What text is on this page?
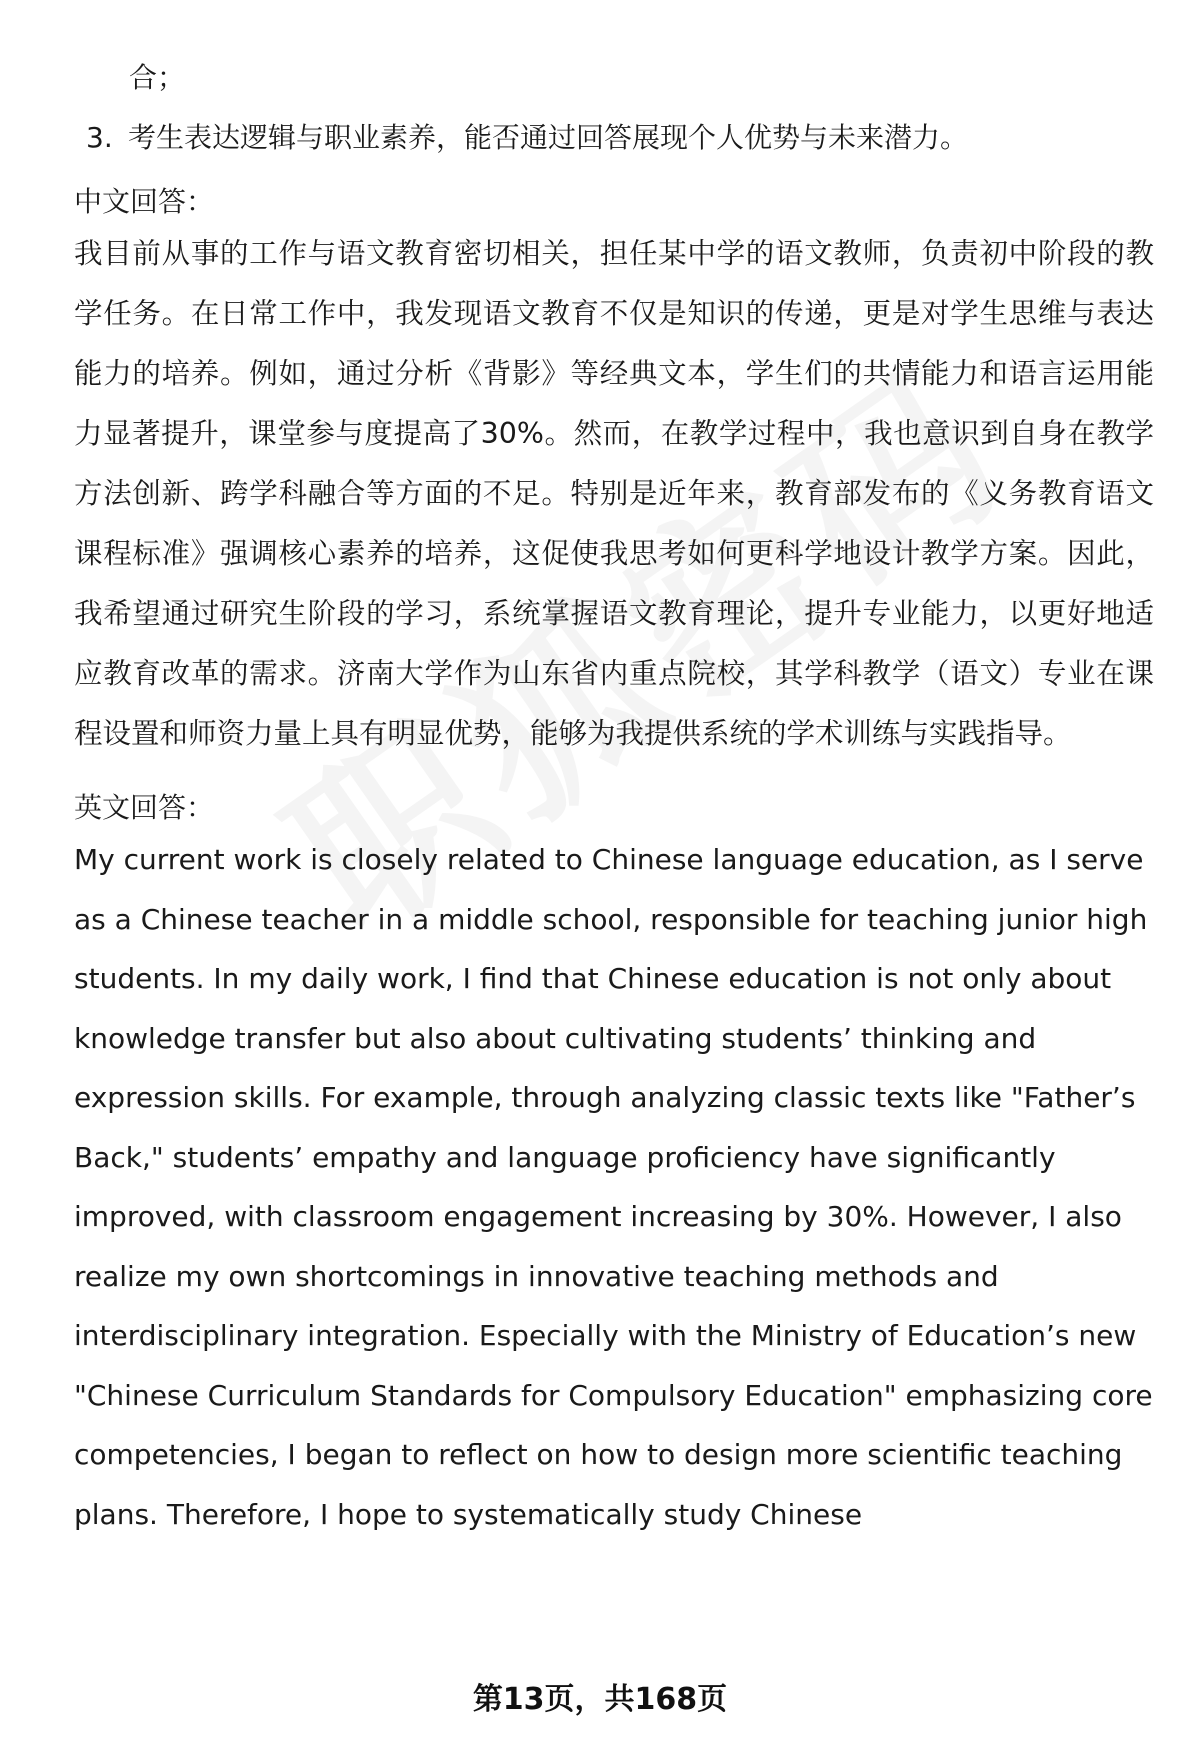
合；

3. 考生表达逻辑与职业素养，能否通过回答展现个人优势与未来潜力。
中文回答：

我目前从事的工作与语文教育密切相关，担任某中学的语文教师，负责初中阶段的教学任务。在日常工作中，我发现语文教育不仅是知识的传递，更是对学生思维与表达能力的培养。例如，通过分析《背影》等经典文本，学生们的共情能力和语言运用能力显著提升，课堂参与度提高了30%。然而，在教学过程中，我也意识到自身在教学方法创新、跨学科融合等方面的不足。特别是近年来，教育部发布的《义务教育语文课程标准》强调核心素养的培养，这促使我思考如何更科学地设计教学方案。因此，我希望通过研究生阶段的学习，系统掌握语文教育理论，提升专业能力，以更好地适应教育改革的需求。济南大学作为山东省内重点院校，其学科教学（语文）专业在课程设置和师资力量上具有明显优势，能够为我提供系统的学术训练与实践指导。

英文回答：

My current work is closely related to Chinese language education, as I serve as a Chinese teacher in a middle school, responsible for teaching junior high students. In my daily work, I find that Chinese education is not only about knowledge transfer but also about cultivating students’ thinking and expression skills. For example, through analyzing classic texts like "Father’s Back," students’ empathy and language proficiency have significantly improved, with classroom engagement increasing by 30%. However, I also realize my own shortcomings in innovative teaching methods and interdisciplinary integration. Especially with the Ministry of Education’s new "Chinese Curriculum Standards for Compulsory Education" emphasizing core competencies, I began to reflect on how to design more scientific teaching plans. Therefore, I hope to systematically study Chinese

第13页，共168页
